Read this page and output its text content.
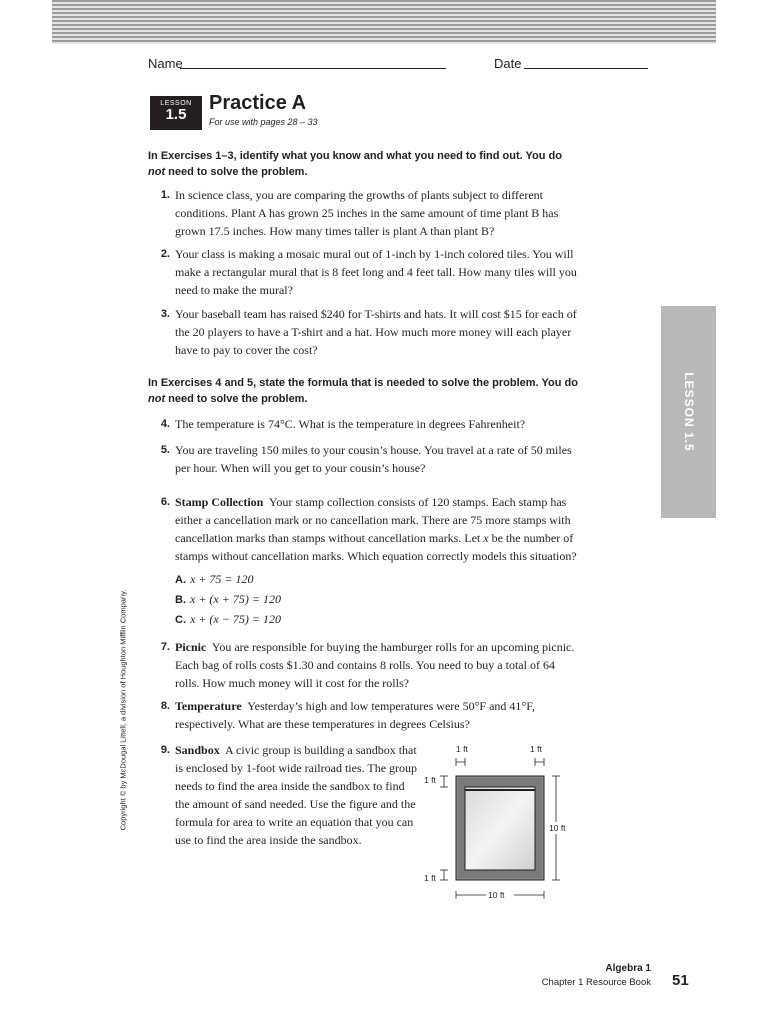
Name	Date
LESSON
1.5
Practice A
For use with pages 28 – 33
In Exercises 1–3, identify what you know and what you need to find out. You do not need to solve the problem.
1. In science class, you are comparing the growths of plants subject to different conditions. Plant A has grown 25 inches in the same amount of time plant B has grown 17.5 inches. How many times taller is plant A than plant B?
2. Your class is making a mosaic mural out of 1-inch by 1-inch colored tiles. You will make a rectangular mural that is 8 feet long and 4 feet tall. How many tiles will you need to make the mural?
3. Your baseball team has raised $240 for T-shirts and hats. It will cost $15 for each of the 20 players to have a T-shirt and a hat. How much more money will each player have to pay to cover the cost?
In Exercises 4 and 5, state the formula that is needed to solve the problem. You do not need to solve the problem.
4. The temperature is 74°C. What is the temperature in degrees Fahrenheit?
5. You are traveling 150 miles to your cousin’s house. You travel at a rate of 50 miles per hour. When will you get to your cousin’s house?
6. Stamp Collection Your stamp collection consists of 120 stamps. Each stamp has either a cancellation mark or no cancellation mark. There are 75 more stamps with cancellation marks than stamps without cancellation marks. Let x be the number of stamps without cancellation marks. Which equation correctly models this situation?
A. x + 75 = 120
B. x + (x + 75) = 120
C. x + (x − 75) = 120
7. Picnic You are responsible for buying the hamburger rolls for an upcoming picnic. Each bag of rolls costs $1.30 and contains 8 rolls. You need to buy a total of 64 rolls. How much money will it cost for the rolls?
8. Temperature Yesterday’s high and low temperatures were 50°F and 41°F, respectively. What are these temperatures in degrees Celsius?
9. Sandbox A civic group is building a sandbox that is enclosed by 1-foot wide railroad ties. The group needs to find the area inside the sandbox to find the amount of sand needed. Use the figure and the formula for area to write an equation that you can use to find the area inside the sandbox.
1 ft	1 ft
1 ft
10 ft
1 ft
10 ft
LESSON 1.5
Copyright © by McDougal Littell, a division of Houghton Mifflin Company.
Algebra 1
Chapter 1 Resource Book 51
